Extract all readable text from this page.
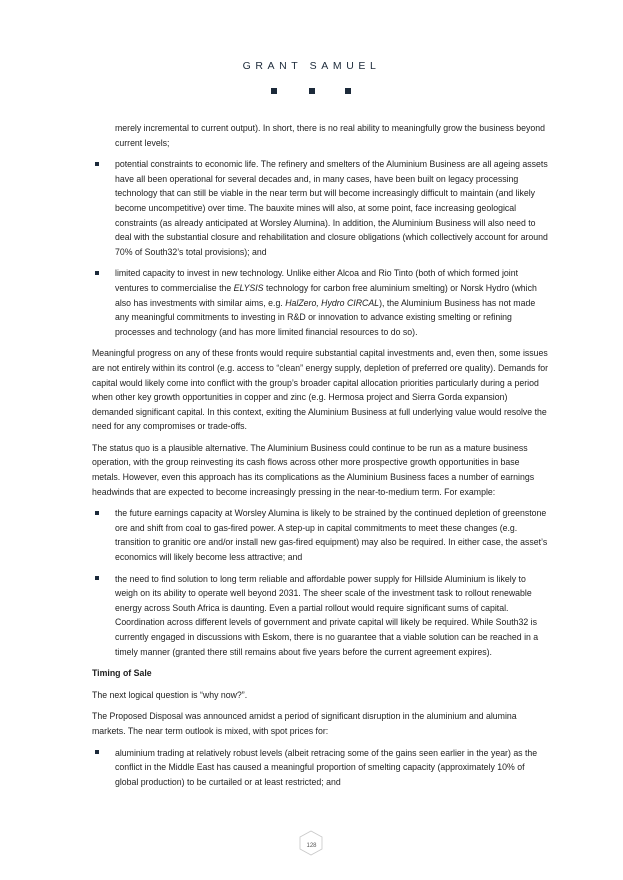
GRANT SAMUEL

merely incremental to current output). In short, there is no real ability to meaningfully grow the business beyond current levels;

potential constraints to economic life. The refinery and smelters of the Aluminium Business are all ageing assets have all been operational for several decades and, in many cases, have been built on legacy processing technology that can still be viable in the near term but will become increasingly difficult to maintain (and likely become uncompetitive) over time. The bauxite mines will also, at some point, face increasing geological constraints (as already anticipated at Worsley Alumina). In addition, the Aluminium Business will also need to deal with the substantial closure and rehabilitation and closure obligations (which collectively account for around 70% of South32’s total provisions); and
limited capacity to invest in new technology. Unlike either Alcoa and Rio Tinto (both of which formed joint ventures to commercialise the ELYSIS technology for carbon free aluminium smelting) or Norsk Hydro (which also has investments with similar aims, e.g. HalZero, Hydro CIRCAL), the Aluminium Business has not made any meaningful commitments to investing in R&D or innovation to advance existing smelting or refining processes and technology (and has more limited financial resources to do so).

Meaningful progress on any of these fronts would require substantial capital investments and, even then, some issues are not entirely within its control (e.g. access to “clean” energy supply, depletion of preferred ore quality). Demands for capital would likely come into conflict with the group’s broader capital allocation priorities particularly during a period when other key growth opportunities in copper and zinc (e.g. Hermosa project and Sierra Gorda expansion) demanded significant capital. In this context, exiting the Aluminium Business at full underlying value would resolve the need for any compromises or trade-offs.

The status quo is a plausible alternative. The Aluminium Business could continue to be run as a mature business operation, with the group reinvesting its cash flows across other more prospective growth opportunities in base metals. However, even this approach has its complications as the Aluminium Business faces a number of earnings headwinds that are expected to become increasingly pressing in the near-to-medium term. For example:

the future earnings capacity at Worsley Alumina is likely to be strained by the continued depletion of greenstone ore and shift from coal to gas-fired power. A step-up in capital commitments to meet these changes (e.g. transition to granitic ore and/or install new gas-fired equipment) may also be required. In either case, the asset’s economics will likely become less attractive; and
the need to find solution to long term reliable and affordable power supply for Hillside Aluminium is likely to weigh on its ability to operate well beyond 2031. The sheer scale of the investment task to rollout renewable energy across South Africa is daunting. Even a partial rollout would require significant sums of capital. Coordination across different levels of government and private capital will likely be required. While South32 is currently engaged in discussions with Eskom, there is no guarantee that a viable solution can be reached in a timely manner (granted there still remains about five years before the current agreement expires).

Timing of Sale

The next logical question is “why now?”.

The Proposed Disposal was announced amidst a period of significant disruption in the aluminium and alumina markets. The near term outlook is mixed, with spot prices for:

aluminium trading at relatively robust levels (albeit retracing some of the gains seen earlier in the year) as the conflict in the Middle East has caused a meaningful proportion of smelting capacity (approximately 10% of global production) to be curtailed or at least restricted; and
128
